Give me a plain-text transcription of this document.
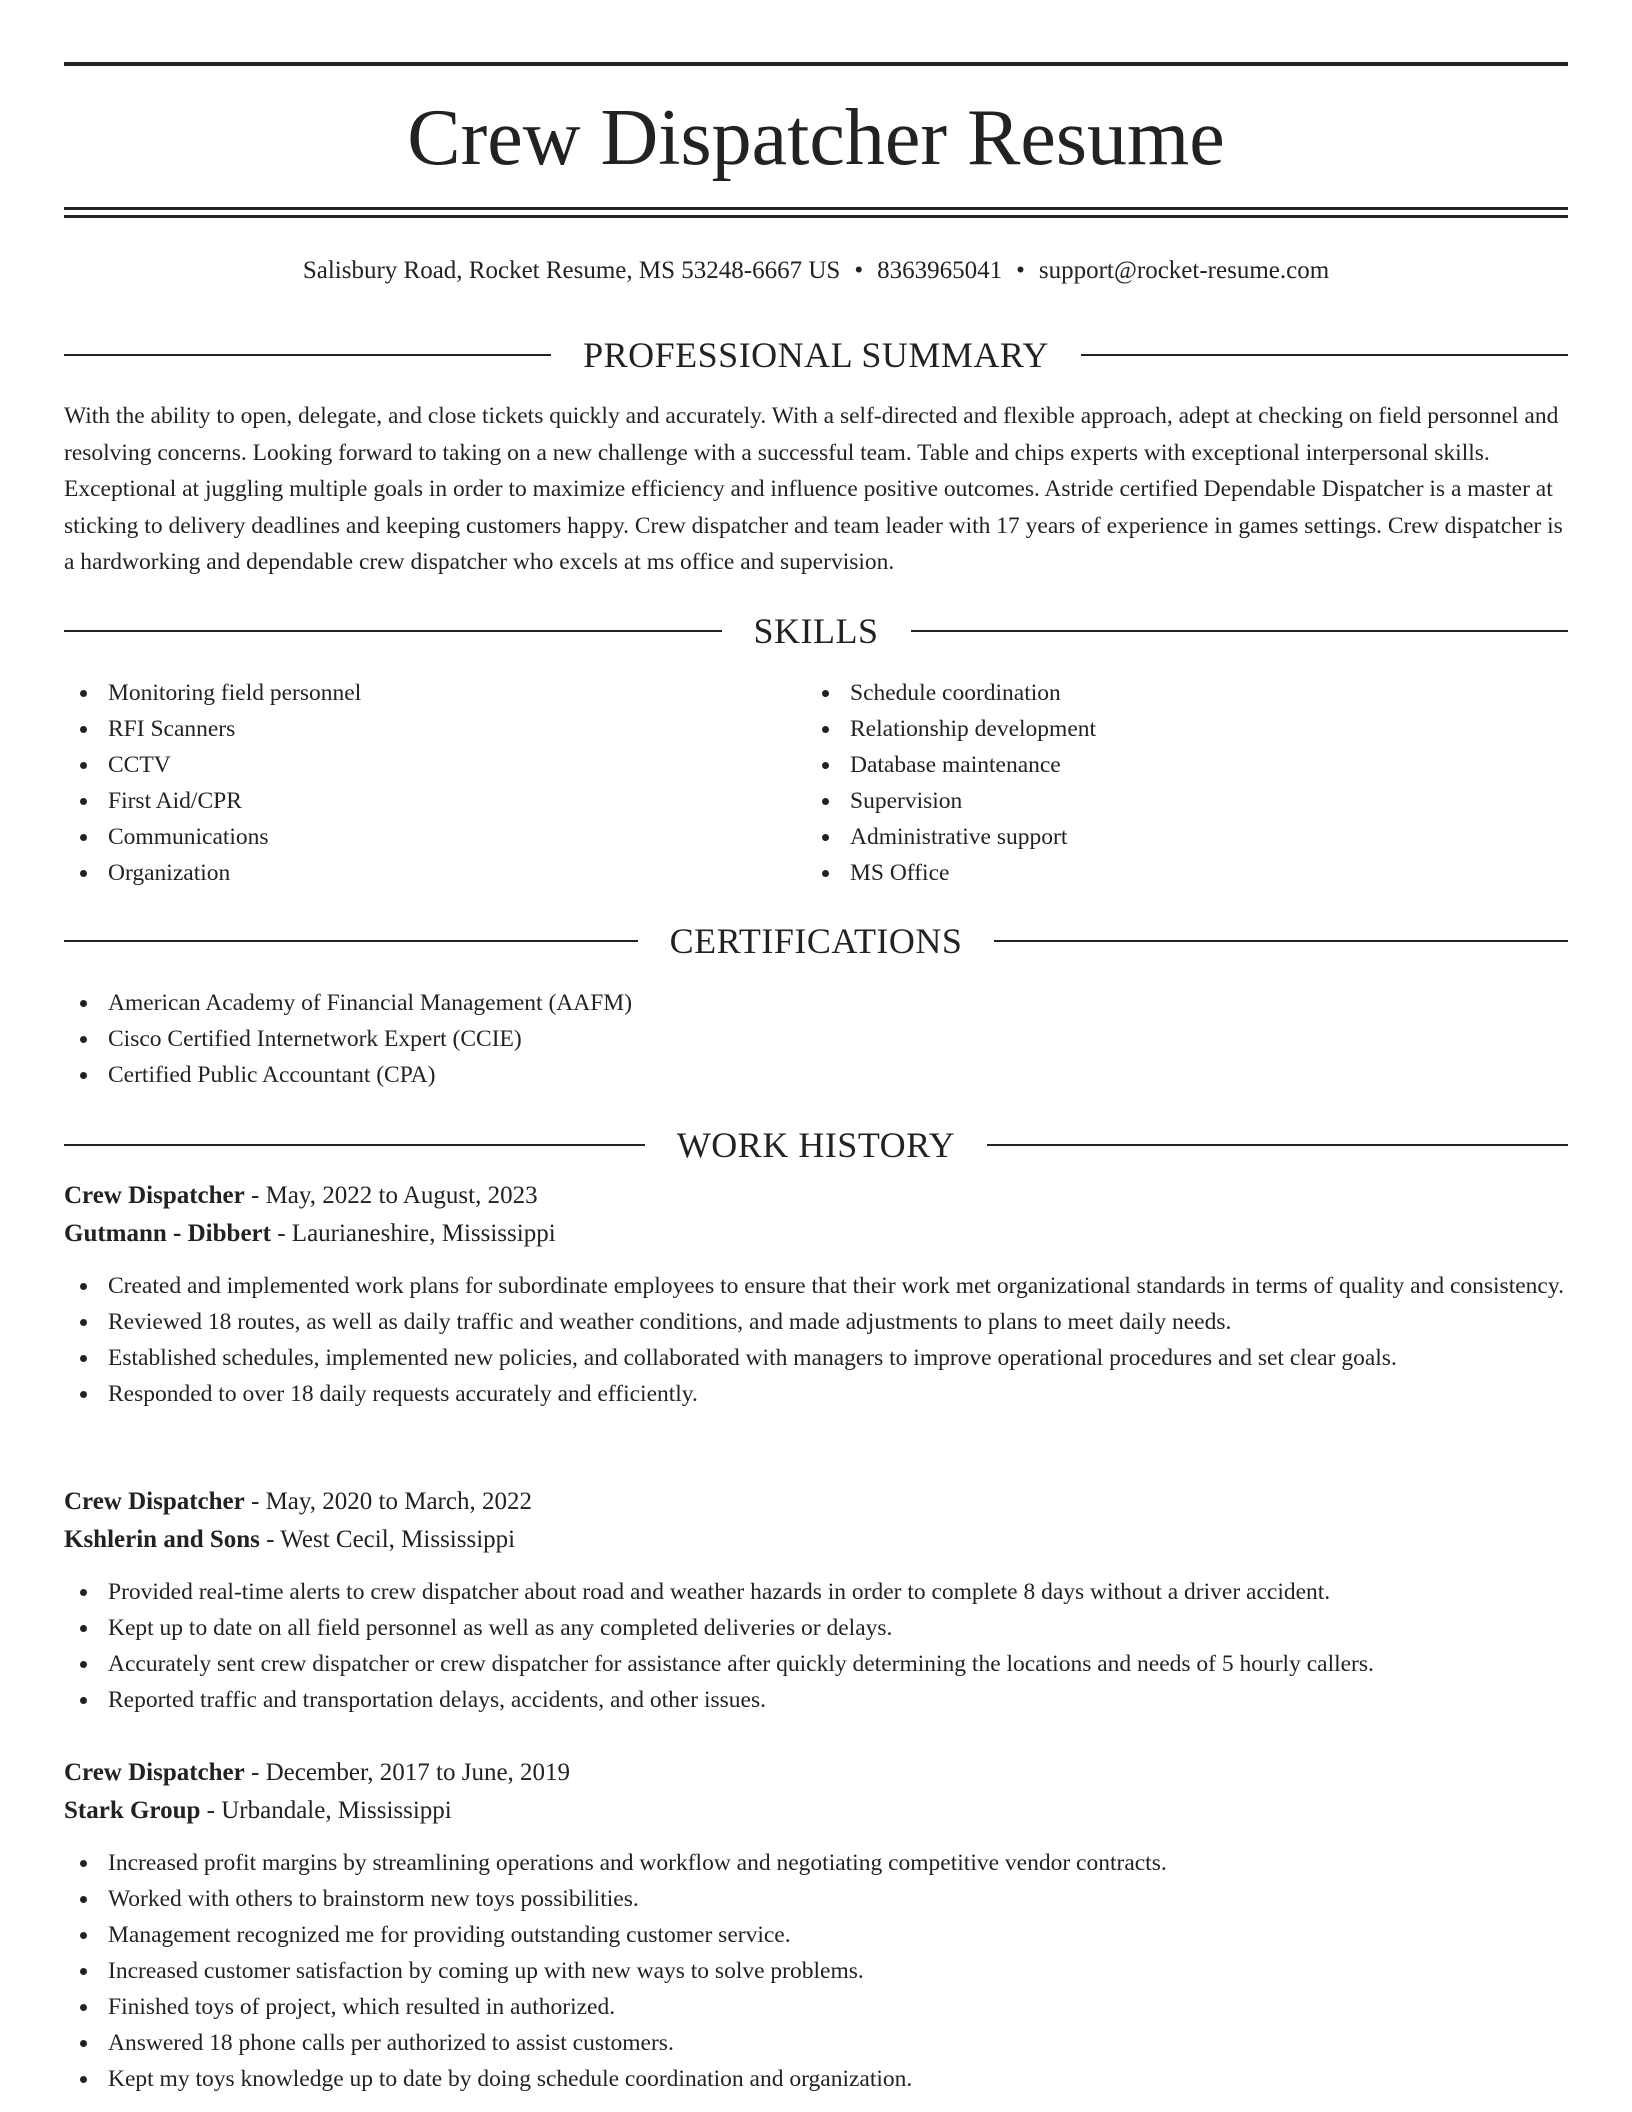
Crew Dispatcher Resume
Salisbury Road, Rocket Resume, MS 53248-6667 US • 8363965041 • support@rocket-resume.com
PROFESSIONAL SUMMARY

With the ability to open, delegate, and close tickets quickly and accurately. With a self-directed and flexible approach, adept at checking on field personnel and resolving concerns. Looking forward to taking on a new challenge with a successful team. Table and chips experts with exceptional interpersonal skills. Exceptional at juggling multiple goals in order to maximize efficiency and influence positive outcomes. Astride certified Dependable Dispatcher is a master at sticking to delivery deadlines and keeping customers happy. Crew dispatcher and team leader with 17 years of experience in games settings. Crew dispatcher is a hardworking and dependable crew dispatcher who excels at ms office and supervision.

SKILLS
Monitoring field personnel
RFI Scanners
CCTV
First Aid/CPR
Communications
Organization
Schedule coordination
Relationship development
Database maintenance
Supervision
Administrative support
MS Office
CERTIFICATIONS
American Academy of Financial Management (AAFM)
Cisco Certified Internetwork Expert (CCIE)
Certified Public Accountant (CPA)
WORK HISTORY
Crew Dispatcher - May, 2022 to August, 2023
Gutmann - Dibbert - Laurianeshire, Mississippi
Created and implemented work plans for subordinate employees to ensure that their work met organizational standards in terms of quality and consistency.
Reviewed 18 routes, as well as daily traffic and weather conditions, and made adjustments to plans to meet daily needs.
Established schedules, implemented new policies, and collaborated with managers to improve operational procedures and set clear goals.
Responded to over 18 daily requests accurately and efficiently.
Crew Dispatcher - May, 2020 to March, 2022
Kshlerin and Sons - West Cecil, Mississippi
Provided real-time alerts to crew dispatcher about road and weather hazards in order to complete 8 days without a driver accident.
Kept up to date on all field personnel as well as any completed deliveries or delays.
Accurately sent crew dispatcher or crew dispatcher for assistance after quickly determining the locations and needs of 5 hourly callers.
Reported traffic and transportation delays, accidents, and other issues.
Crew Dispatcher - December, 2017 to June, 2019
Stark Group - Urbandale, Mississippi
Increased profit margins by streamlining operations and workflow and negotiating competitive vendor contracts.
Worked with others to brainstorm new toys possibilities.
Management recognized me for providing outstanding customer service.
Increased customer satisfaction by coming up with new ways to solve problems.
Finished toys of project, which resulted in authorized.
Answered 18 phone calls per authorized to assist customers.
Kept my toys knowledge up to date by doing schedule coordination and organization.
